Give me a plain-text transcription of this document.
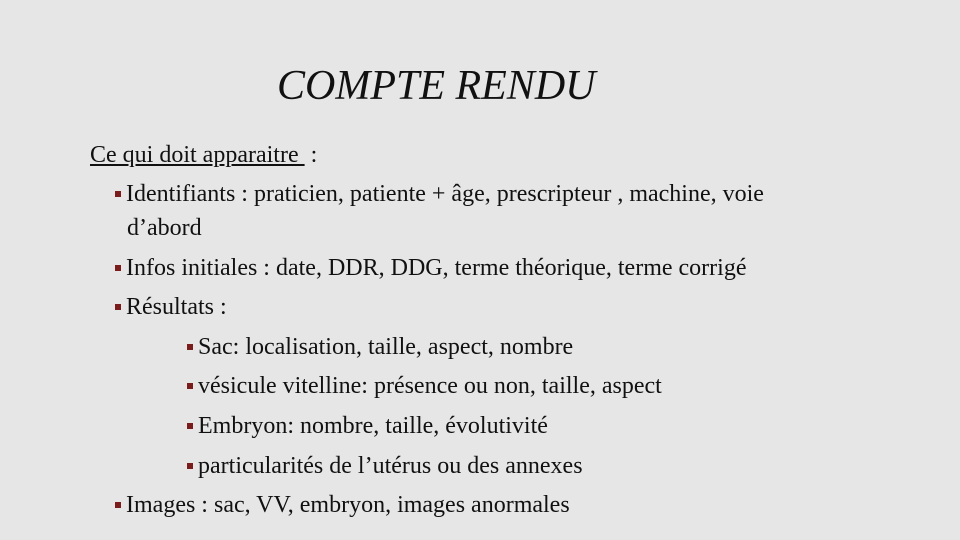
COMPTE RENDU
Ce qui doit apparaitre  :
Identifiants : praticien, patiente + âge, prescripteur , machine, voie
d’abord
Infos initiales : date, DDR, DDG, terme théorique, terme corrigé
Résultats :
Sac: localisation, taille, aspect, nombre
vésicule vitelline: présence ou non, taille, aspect
Embryon: nombre, taille, évolutivité
particularités de l’utérus ou des annexes
Images : sac, VV, embryon, images anormales
